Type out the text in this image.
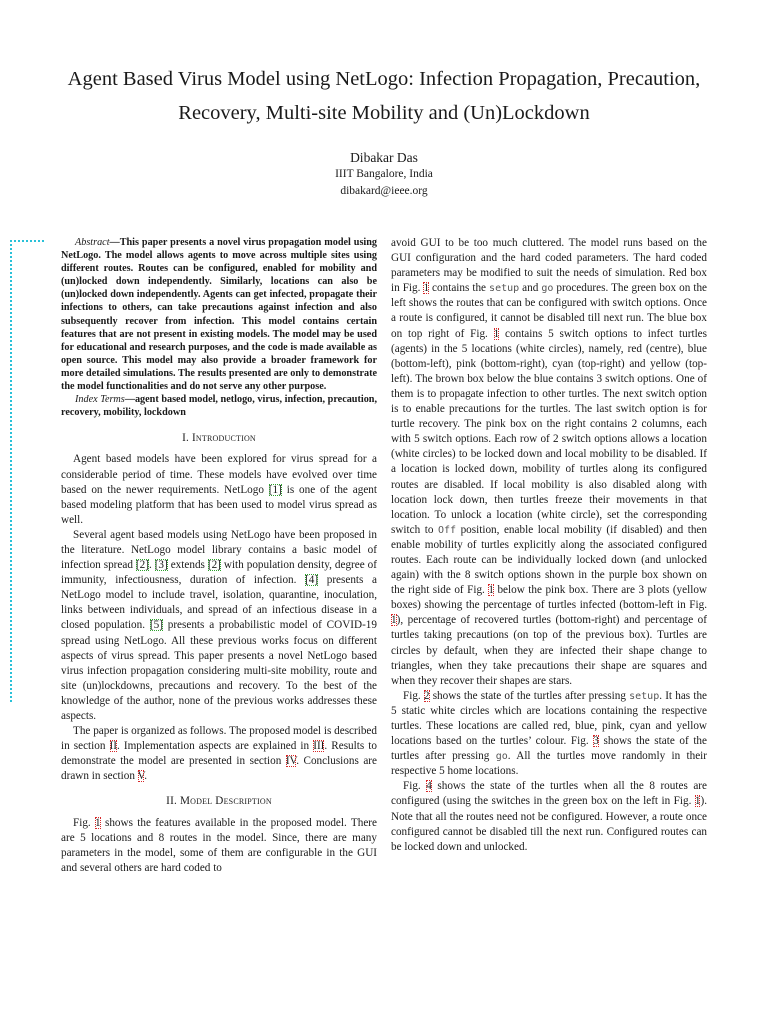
Agent Based Virus Model using NetLogo: Infection Propagation, Precaution, Recovery, Multi-site Mobility and (Un)Lockdown
Dibakar Das
IIIT Bangalore, India
dibakard@ieee.org

Abstract—This paper presents a novel virus propagation model using NetLogo. The model allows agents to move across multiple sites using different routes. Routes can be configured, enabled for mobility and (un)locked down independently. Similarly, locations can also be (un)locked down independently. Agents can get infected, propagate their infections to others, can take precautions against infection and also subsequently recover from infection. This model contains certain features that are not present in existing models. The model may be used for educational and research purposes, and the code is made available as open source. This model may also provide a broader framework for more detailed simulations. The results presented are only to demonstrate the model functionalities and do not serve any other purpose.

Index Terms—agent based model, netlogo, virus, infection, precaution, recovery, mobility, lockdown

I. Introduction

Agent based models have been explored for virus spread for a considerable period of time. These models have evolved over time based on the newer requirements. NetLogo [1] is one of the agent based modeling platform that has been used to model virus spread as well.

Several agent based models using NetLogo have been proposed in the literature. NetLogo model library contains a basic model of infection spread [2]. [3] extends [2] with population density, degree of immunity, infectiousness, duration of infection. [4] presents a NetLogo model to include travel, isolation, quarantine, inoculation, links between individuals, and spread of an infectious disease in a closed population. [5] presents a probabilistic model of COVID-19 spread using NetLogo. All these previous works focus on different aspects of virus spread. This paper presents a novel NetLogo based virus infection propagation considering multi-site mobility, route and site (un)lockdowns, precautions and recovery. To the best of the knowledge of the author, none of the previous works addresses these aspects.

The paper is organized as follows. The proposed model is described in section II. Implementation aspects are explained in III. Results to demonstrate the model are presented in section IV. Conclusions are drawn in section V.

II. Model Description

Fig. 1 shows the features available in the proposed model. There are 5 locations and 8 routes in the model. Since, there are many parameters in the model, some of them are configurable in the GUI and several others are hard coded to

avoid GUI to be too much cluttered. The model runs based on the GUI configuration and the hard coded parameters. The hard coded parameters may be modified to suit the needs of simulation. Red box in Fig. 1 contains the setup and go procedures. The green box on the left shows the routes that can be configured with switch options. Once a route is configured, it cannot be disabled till next run. The blue box on top right of Fig. 1 contains 5 switch options to infect turtles (agents) in the 5 locations (white circles), namely, red (centre), blue (bottom-left), pink (bottom-right), cyan (top-right) and yellow (top-left). The brown box below the blue contains 3 switch options. One of them is to propagate infection to other turtles. The next switch option is to enable precautions for the turtles. The last switch option is for turtle recovery. The pink box on the right contains 2 columns, each with 5 switch options. Each row of 2 switch options allows a location (white circles) to be locked down and local mobility to be disabled. If a location is locked down, mobility of turtles along its configured routes are disabled. If local mobility is also disabled along with location lock down, then turtles freeze their movements in that location. To unlock a location (white circle), set the corresponding switch to Off position, enable local mobility (if disabled) and then enable mobility of turtles explicitly along the associated configured routes. Each route can be individually locked down (and unlocked again) with the 8 switch options shown in the purple box shown on the right side of Fig. 1 below the pink box. There are 3 plots (yellow boxes) showing the percentage of turtles infected (bottom-left in Fig. 1), percentage of recovered turtles (bottom-right) and percentage of turtles taking precautions (on top of the previous box). Turtles are circles by default, when they are infected their shape change to triangles, when they take precautions their shape are squares and when they recover their shapes are stars.

Fig. 2 shows the state of the turtles after pressing setup. It has the 5 static white circles which are locations containing the respective turtles. These locations are called red, blue, pink, cyan and yellow locations based on the turtles’ colour. Fig. 3 shows the state of the turtles after pressing go. All the turtles move randomly in their respective 5 home locations.

Fig. 4 shows the state of the turtles when all the 8 routes are configured (using the switches in the green box on the left in Fig. 1). Note that all the routes need not be configured. However, a route once configured cannot be disabled till the next run. Configured routes can be locked down and unlocked.
